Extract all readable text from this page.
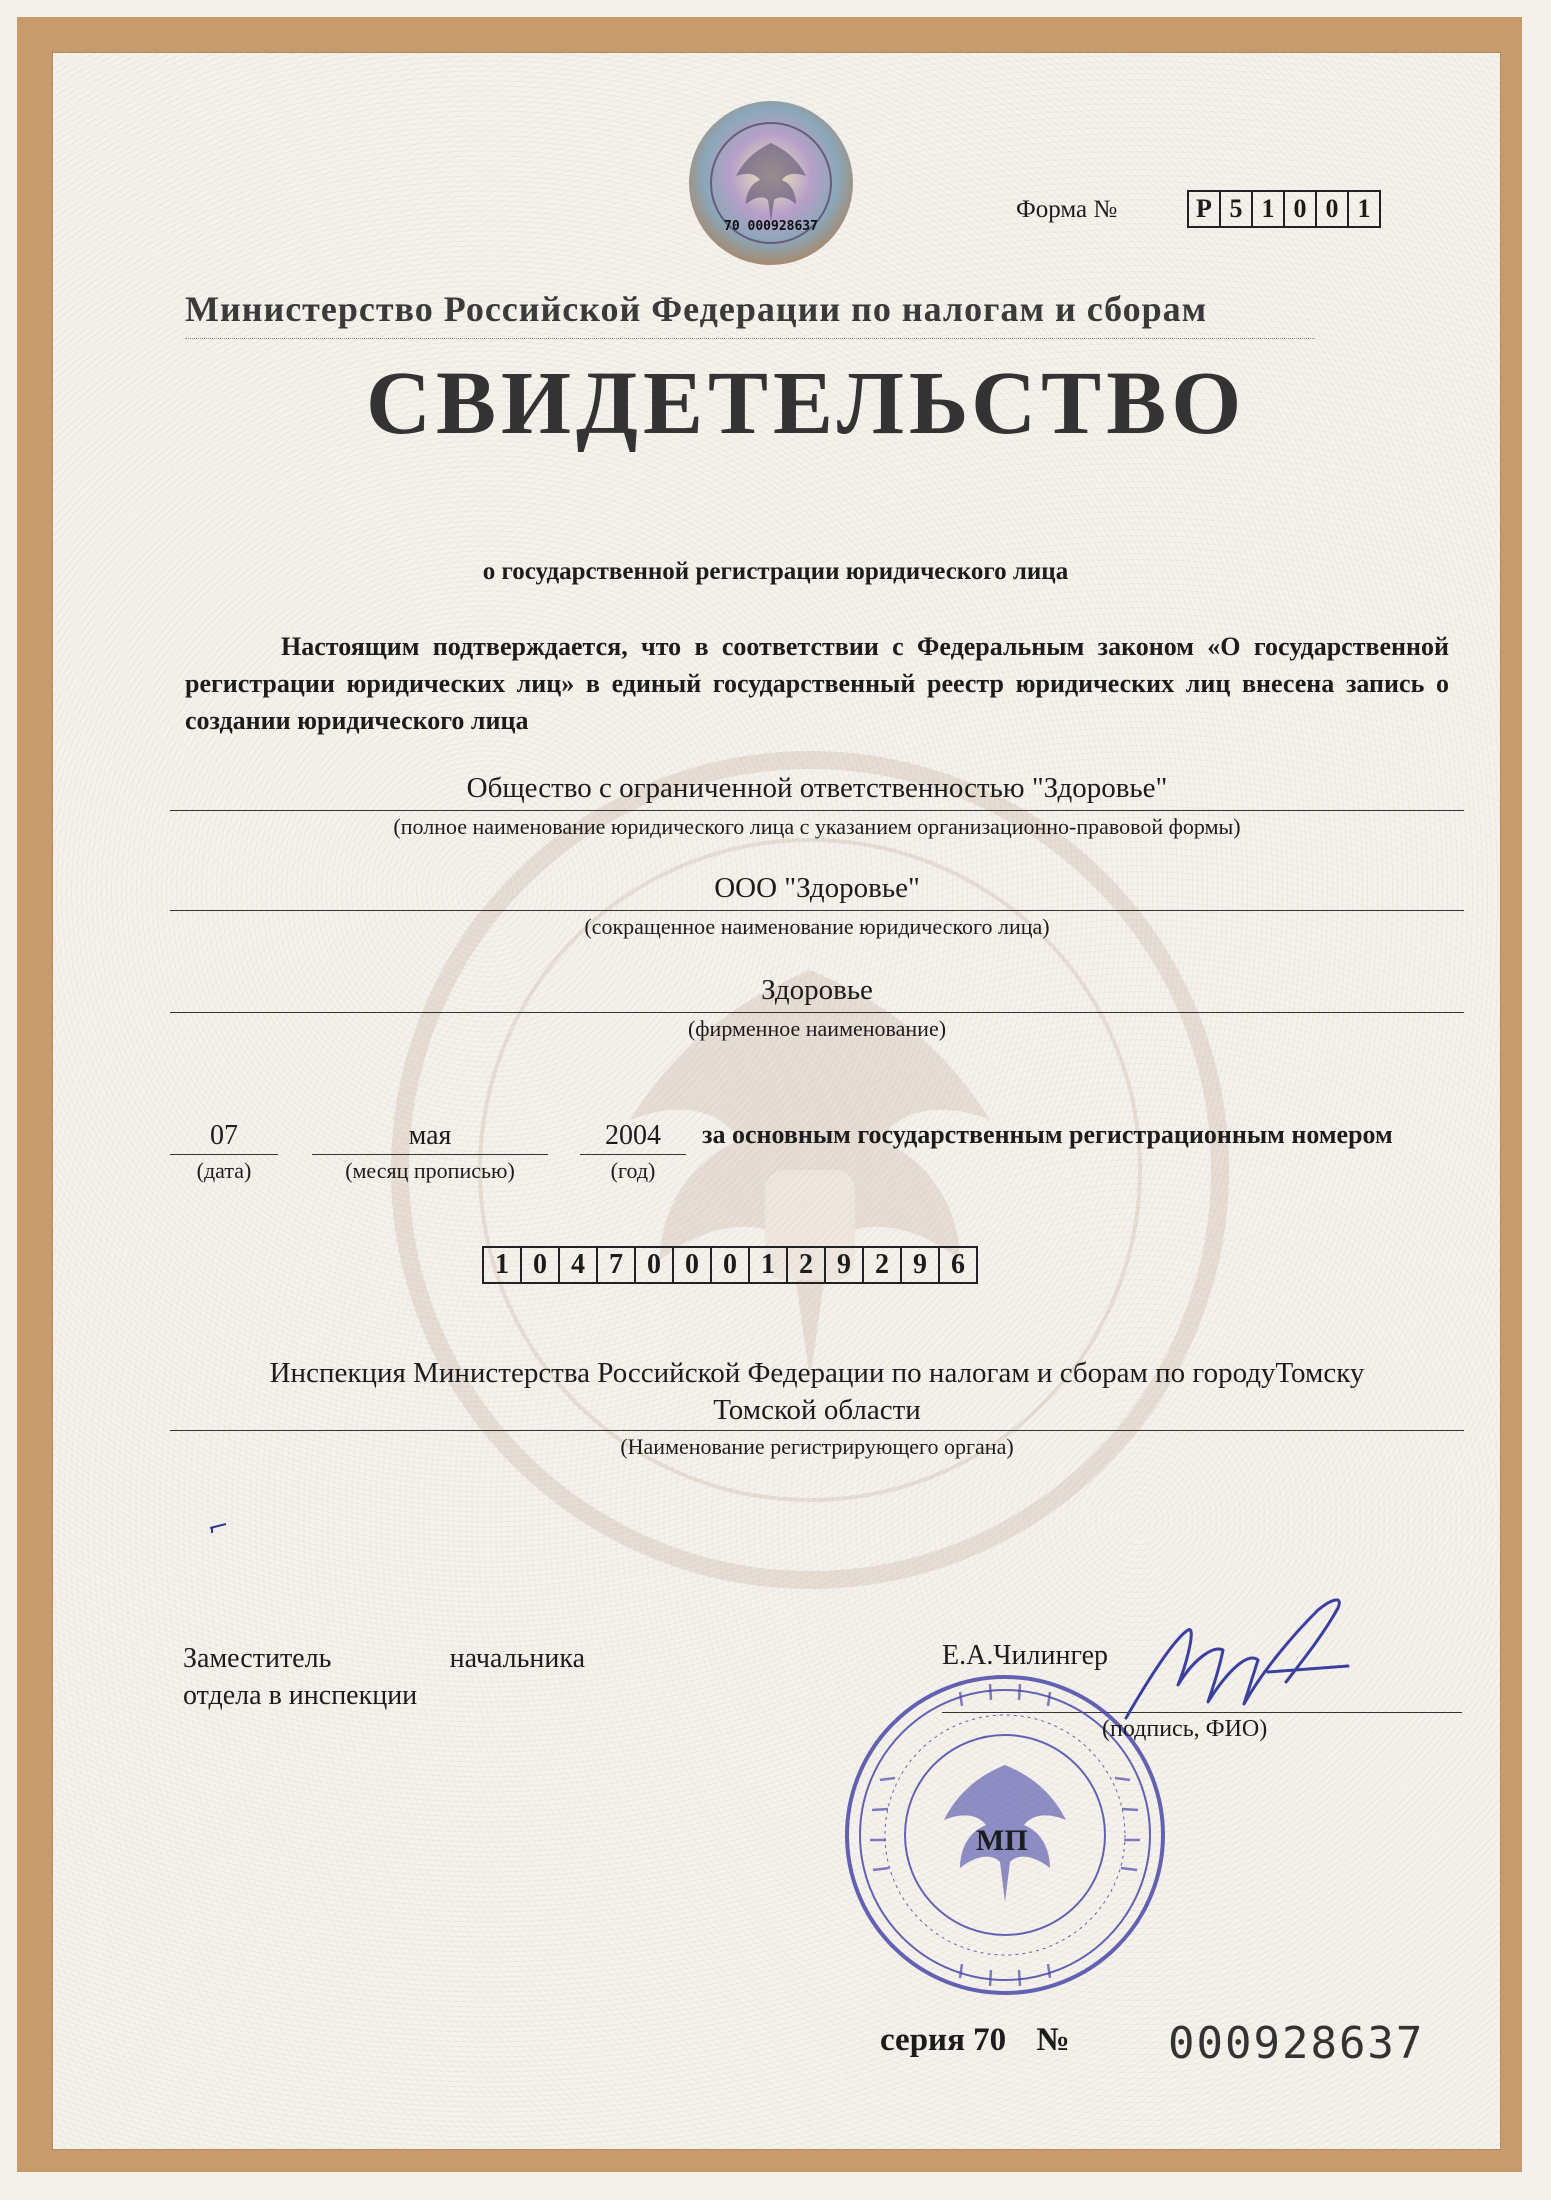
70 000928637
Форма №	Р 5 1 0 0 1
Министерство Российской Федерации по налогам и сборам
СВИДЕТЕЛЬСТВО
о государственной регистрации юридического лица
Настоящим подтверждается, что в соответствии с Федеральным законом «О государственной регистрации юридических лиц» в единый государственный реестр юридических лиц внесена запись о создании юридического лица
Общество с ограниченной ответственностью "Здоровье"
(полное наименование юридического лица с указанием организационно-правовой формы)
ООО "Здоровье"
(сокращенное наименование юридического лица)
Здоровье
(фирменное наименование)
07
(дата)
мая
(месяц прописью)
2004
(год)
за основным государственным регистрационным номером
1 0 4 7 0 0 0 1 2 9 2 9 6
Инспекция Министерства Российской Федерации по налогам и сборам по городуТомску
Томской области
(Наименование регистрирующего органа)
Заместитель	начальника
отдела в инспекции
Е.А.Чилингер
(подпись, ФИО)
МП
серия 70 № 000928637
